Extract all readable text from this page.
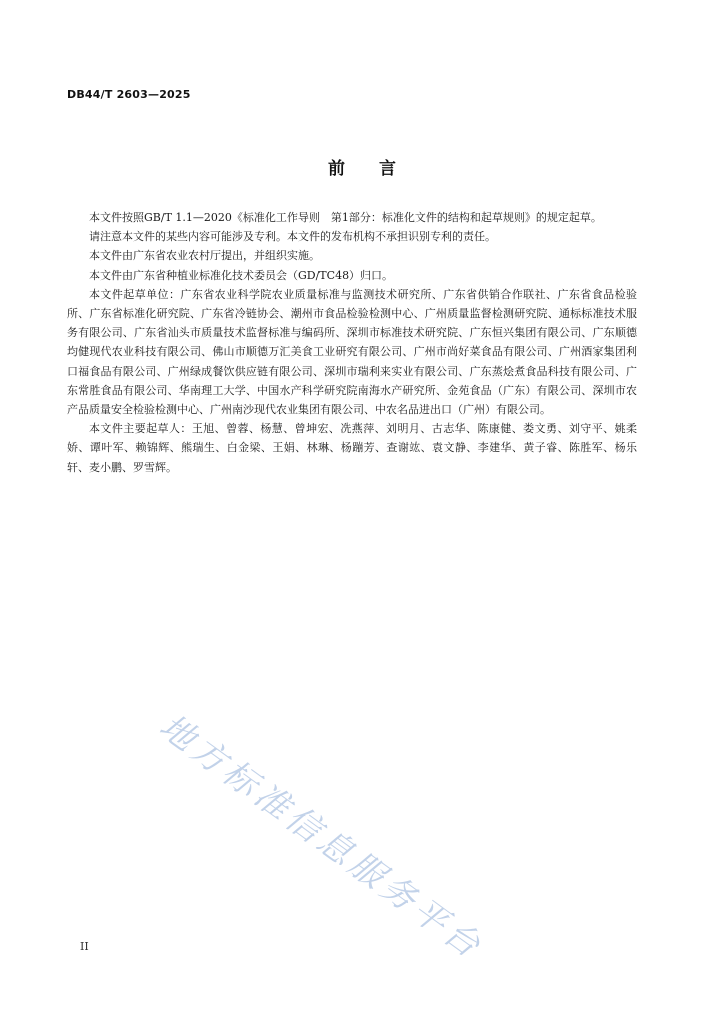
DB44/T 2603—2025
前言

本文件按照GB/T 1.1—2020《标准化工作导则　第1部分：标准化文件的结构和起草规则》的规定起草。

请注意本文件的某些内容可能涉及专利。本文件的发布机构不承担识别专利的责任。

本文件由广东省农业农村厅提出，并组织实施。

本文件由广东省种植业标准化技术委员会（GD/TC48）归口。

本文件起草单位：广东省农业科学院农业质量标准与监测技术研究所、广东省供销合作联社、广东省食品检验所、广东省标准化研究院、广东省冷链协会、潮州市食品检验检测中心、广州质量监督检测研究院、通标标准技术服务有限公司、广东省汕头市质量技术监督标准与编码所、深圳市标准技术研究院、广东恒兴集团有限公司、广东顺德均健现代农业科技有限公司、佛山市顺德万汇美食工业研究有限公司、广州市尚好菜食品有限公司、广州酒家集团利口福食品有限公司、广州绿成餐饮供应链有限公司、深圳市瑞利来实业有限公司、广东蒸烩煮食品科技有限公司、广东常胜食品有限公司、华南理工大学、中国水产科学研究院南海水产研究所、金苑食品（广东）有限公司、深圳市农产品质量安全检验检测中心、广州南沙现代农业集团有限公司、中农名品进出口（广州）有限公司。

本文件主要起草人：王旭、曾蓉、杨慧、曾坤宏、冼燕萍、刘明月、古志华、陈康健、娄文勇、刘守平、姚柔娇、谭叶军、赖锦辉、熊瑞生、白金梁、王娟、林琳、杨蹦芳、查谢竑、袁文静、李建华、黄子睿、陈胜军、杨乐轩、麦小鹏、罗雪辉。

地方标准信息服务平台
II
